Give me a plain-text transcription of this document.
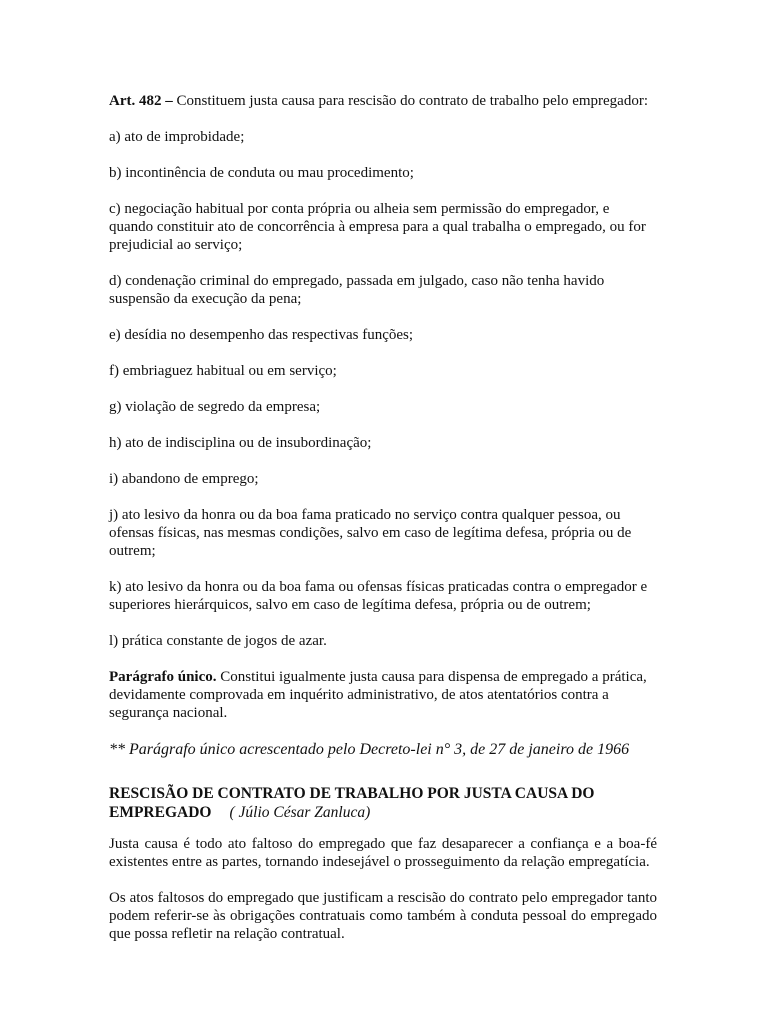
Art. 482 – Constituem justa causa para rescisão do contrato de trabalho pelo empregador:

a) ato de improbidade;

b) incontinência de conduta ou mau procedimento;

c) negociação habitual por conta própria ou alheia sem permissão do empregador, e quando constituir ato de concorrência à empresa para a qual trabalha o empregado, ou for prejudicial ao serviço;

d) condenação criminal do empregado, passada em julgado, caso não tenha havido suspensão da execução da pena;

e) desídia no desempenho das respectivas funções;

f) embriaguez habitual ou em serviço;

g) violação de segredo da empresa;

h) ato de indisciplina ou de insubordinação;

i) abandono de emprego;

j) ato lesivo da honra ou da boa fama praticado no serviço contra qualquer pessoa, ou ofensas físicas, nas mesmas condições, salvo em caso de legítima defesa, própria ou de outrem;

k) ato lesivo da honra ou da boa fama ou ofensas físicas praticadas contra o empregador e superiores hierárquicos, salvo em caso de legítima defesa, própria ou de outrem;

l) prática constante de jogos de azar.

Parágrafo único. Constitui igualmente justa causa para dispensa de empregado a prática, devidamente comprovada em inquérito administrativo, de atos atentatórios contra a segurança nacional.

** Parágrafo único acrescentado pelo Decreto-lei n° 3, de 27 de janeiro de 1966

RESCISÃO DE CONTRATO DE TRABALHO POR JUSTA CAUSA DO EMPREGADO ( Júlio César Zanluca)

Justa causa é todo ato faltoso do empregado que faz desaparecer a confiança e a boa-fé existentes entre as partes, tornando indesejável o prosseguimento da relação empregatícia.

Os atos faltosos do empregado que justificam a rescisão do contrato pelo empregador tanto podem referir-se às obrigações contratuais como também à conduta pessoal do empregado que possa refletir na relação contratual.
